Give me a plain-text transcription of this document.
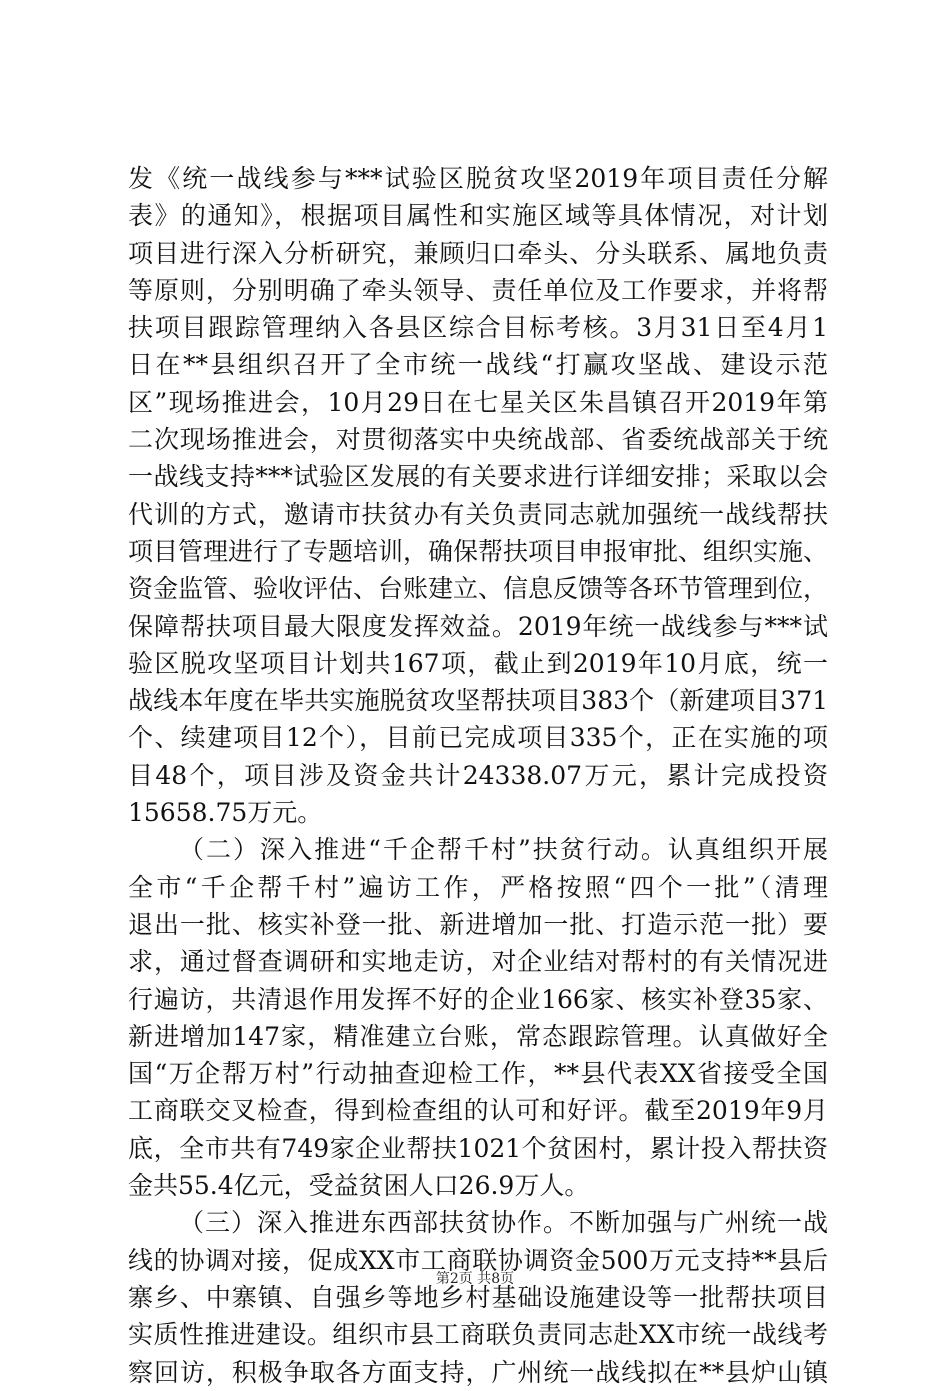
发《统一战线参与***试验区脱贫攻坚2019年项目责任分解
表》的通知》，根据项目属性和实施区域等具体情况，对计划
项目进行深入分析研究，兼顾归口牵头、分头联系、属地负责
等原则，分别明确了牵头领导、责任单位及工作要求，并将帮
扶项目跟踪管理纳入各县区综合目标考核。3月31日至4月1
日在**县组织召开了全市统一战线“打赢攻坚战、建设示范
区”现场推进会，10月29日在七星关区朱昌镇召开2019年第
二次现场推进会，对贯彻落实中央统战部、省委统战部关于统
一战线支持***试验区发展的有关要求进行详细安排；采取以会
代训的方式，邀请市扶贫办有关负责同志就加强统一战线帮扶
项目管理进行了专题培训，确保帮扶项目申报审批、组织实施、
资金监管、验收评估、台账建立、信息反馈等各环节管理到位，
保障帮扶项目最大限度发挥效益。2019年统一战线参与***试
验区脱攻坚项目计划共167项，截止到2019年10月底，统一
战线本年度在毕共实施脱贫攻坚帮扶项目383个（新建项目371
个、续建项目12个），目前已完成项目335个，正在实施的项
目48个，项目涉及资金共计24338.07万元，累计完成投资
15658.75万元。
（二）深入推进“千企帮千村”扶贫行动。认真组织开展
全市“千企帮千村”遍访工作，严格按照“四个一批”（清理
退出一批、核实补登一批、新进增加一批、打造示范一批）要
求，通过督查调研和实地走访，对企业结对帮村的有关情况进
行遍访，共清退作用发挥不好的企业166家、核实补登35家、
新进增加147家，精准建立台账，常态跟踪管理。认真做好全
国“万企帮万村”行动抽查迎检工作，**县代表XX省接受全国
工商联交叉检查，得到检查组的认可和好评。截至2019年9月
底，全市共有749家企业帮扶1021个贫困村，累计投入帮扶资
金共55.4亿元，受益贫困人口26.9万人。
（三）深入推进东西部扶贫协作。不断加强与广州统一战
线的协调对接，促成XX市工商联协调资金500万元支持**县后
寨乡、中寨镇、自强乡等地乡村基础设施建设等一批帮扶项目
实质性推进建设。组织市县工商联负责同志赴XX市统一战线考
察回访，积极争取各方面支持，广州统一战线拟在**县炉山镇
第2页 共8页
